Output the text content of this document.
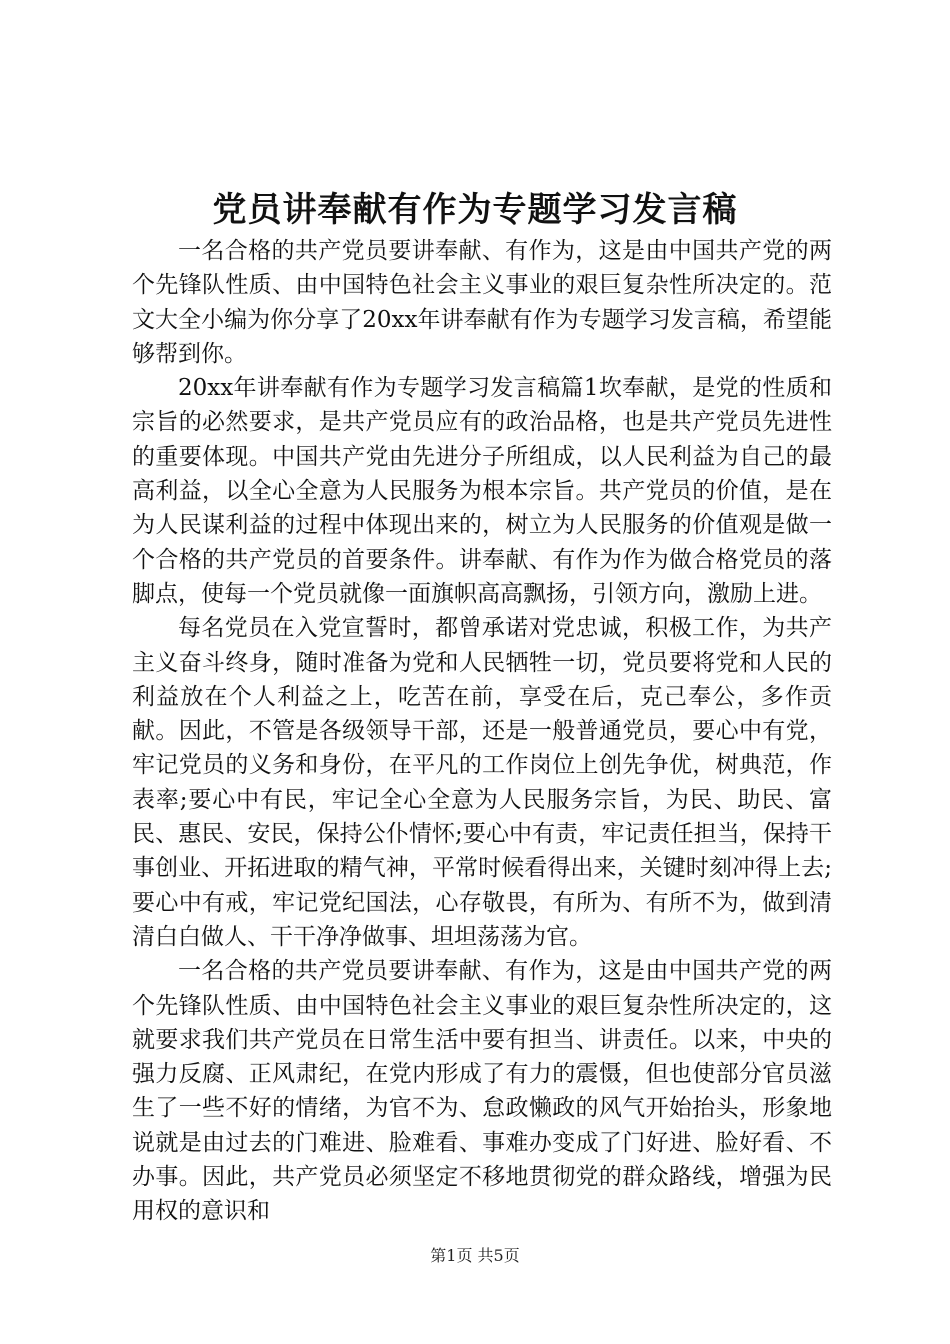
党员讲奉献有作为专题学习发言稿

一名合格的共产党员要讲奉献、有作为，这是由中国共产党的两个先锋队性质、由中国特色社会主义事业的艰巨复杂性所决定的。范文大全小编为你分享了20xx年讲奉献有作为专题学习发言稿，希望能够帮到你。

20xx年讲奉献有作为专题学习发言稿篇1坎奉献，是党的性质和宗旨的必然要求，是共产党员应有的政治品格，也是共产党员先进性的重要体现。中国共产党由先进分子所组成，以人民利益为自己的最高利益，以全心全意为人民服务为根本宗旨。共产党员的价值，是在为人民谋利益的过程中体现出来的，树立为人民服务的价值观是做一个合格的共产党员的首要条件。讲奉献、有作为作为做合格党员的落脚点，使每一个党员就像一面旗帜高高飘扬，引领方向，激励上进。

每名党员在入党宣誓时，都曾承诺对党忠诚，积极工作，为共产主义奋斗终身，随时准备为党和人民牺牲一切，党员要将党和人民的利益放在个人利益之上，吃苦在前，享受在后，克己奉公，多作贡献。因此，不管是各级领导干部，还是一般普通党员，要心中有党，牢记党员的义务和身份，在平凡的工作岗位上创先争优，树典范，作表率;要心中有民，牢记全心全意为人民服务宗旨，为民、助民、富民、惠民、安民，保持公仆情怀;要心中有责，牢记责任担当，保持干事创业、开拓进取的精气神，平常时候看得出来，关键时刻冲得上去;要心中有戒，牢记党纪国法，心存敬畏，有所为、有所不为，做到清清白白做人、干干净净做事、坦坦荡荡为官。

一名合格的共产党员要讲奉献、有作为，这是由中国共产党的两个先锋队性质、由中国特色社会主义事业的艰巨复杂性所决定的，这就要求我们共产党员在日常生活中要有担当、讲责任。以来，中央的强力反腐、正风肃纪，在党内形成了有力的震慑，但也使部分官员滋生了一些不好的情绪，为官不为、怠政懒政的风气开始抬头，形象地说就是由过去的门难进、脸难看、事难办变成了门好进、脸好看、不办事。因此，共产党员必须坚定不移地贯彻党的群众路线，增强为民用权的意识和

第1页 共5页
